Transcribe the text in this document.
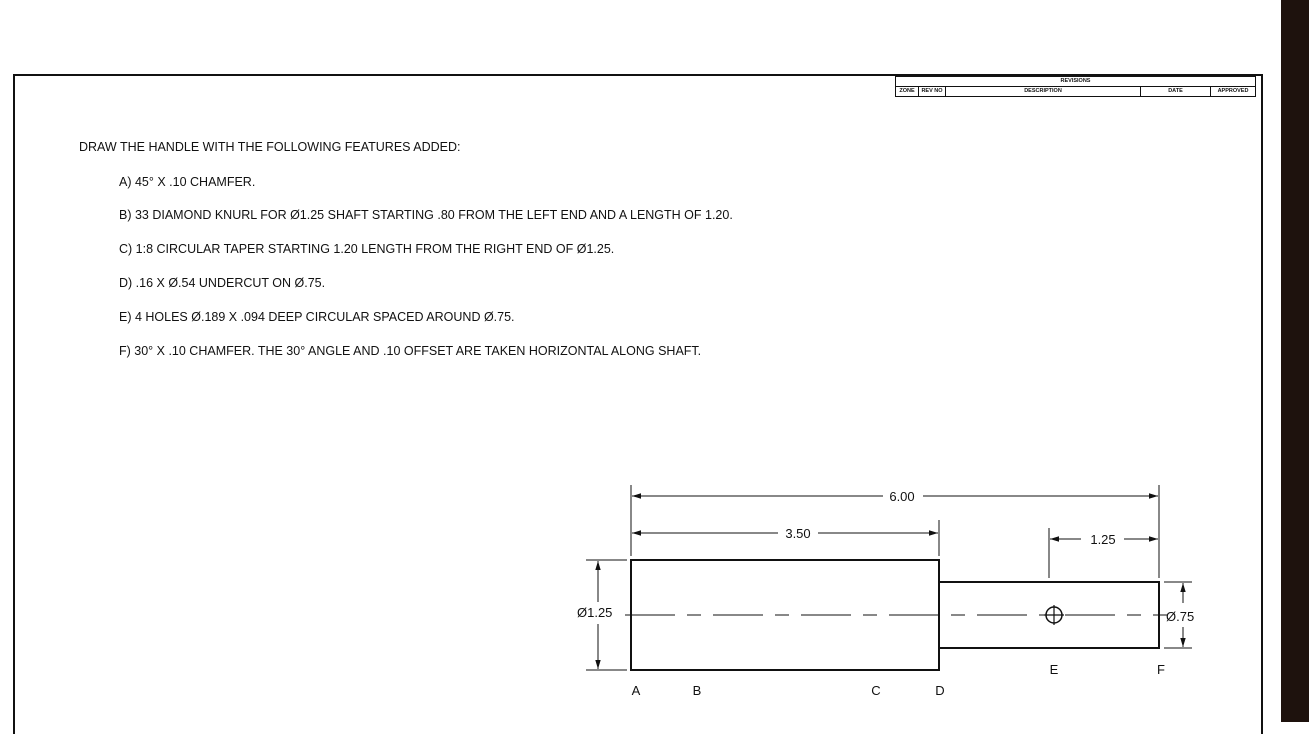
REVISIONS
ZONE	REV NO	DESCRIPTION	DATE	APPROVED
DRAW THE HANDLE WITH THE FOLLOWING FEATURES ADDED:
A) 45° X .10 CHAMFER.
B) 33 DIAMOND KNURL FOR Ø1.25 SHAFT STARTING .80 FROM THE LEFT END AND A LENGTH OF 1.20.
C) 1:8 CIRCULAR TAPER STARTING 1.20 LENGTH FROM THE RIGHT END OF Ø1.25.
D) .16 X Ø.54 UNDERCUT ON Ø.75.
E) 4 HOLES Ø.189 X .094 DEEP CIRCULAR SPACED AROUND Ø.75.
F) 30° X .10 CHAMFER. THE 30° ANGLE AND .10 OFFSET ARE TAKEN HORIZONTAL ALONG SHAFT.
6.00
3.50	1.25
Ø1.25	Ø.75
A	B	C	D
E	F
